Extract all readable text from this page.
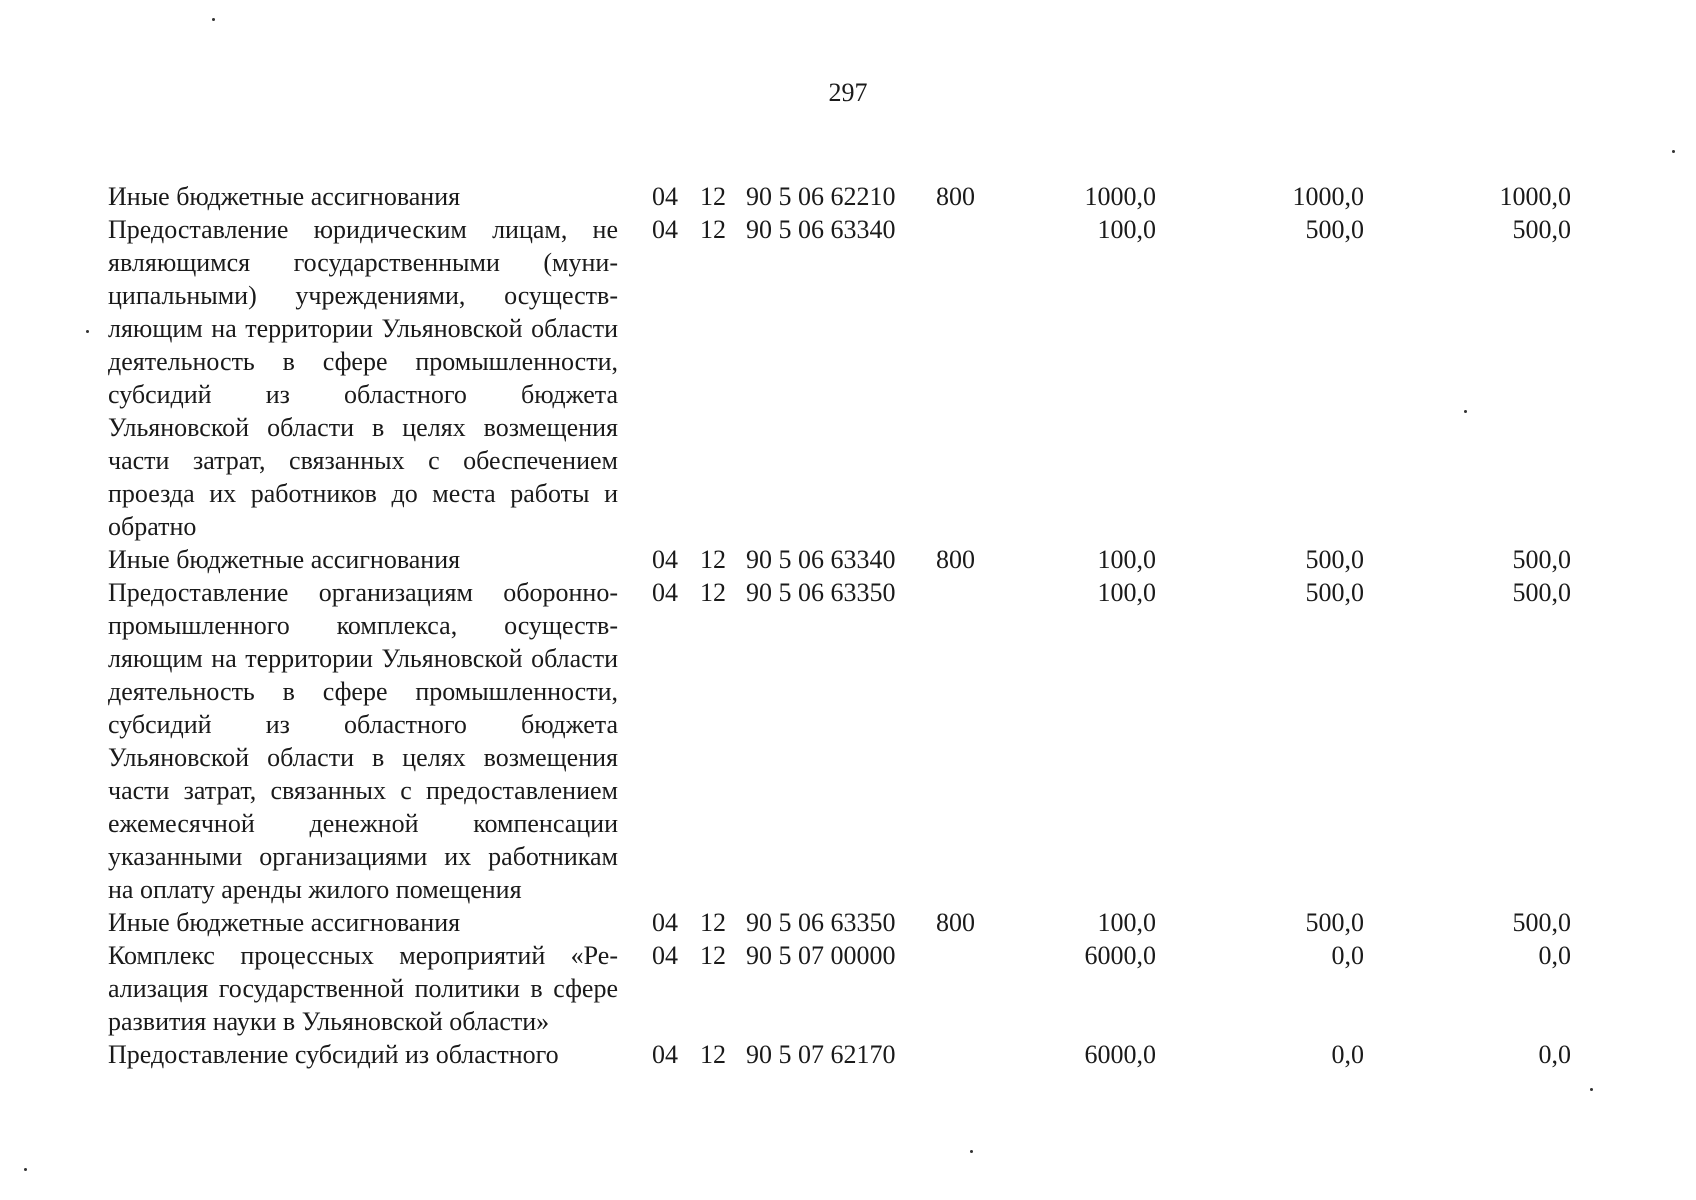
297
Иные бюджетные ассигнования	04	12	90 5 06 62210	800	1000,0	1000,0	1000,0
Предоставление юридическим лицам, не являющимся государственными (муниципальными) учреждениями, осуществляющим на территории Ульяновской области деятельность в сфере промышленности, субсидий из областного бюджета Ульяновской области в целях возмещения части затрат, связанных с обеспечением проезда их работников до места работы и обратно	04	12	90 5 06 63340		100,0	500,0	500,0
Иные бюджетные ассигнования	04	12	90 5 06 63340	800	100,0	500,0	500,0
Предоставление организациям оборонно-промышленного комплекса, осуществляющим на территории Ульяновской области деятельность в сфере промышленности, субсидий из областного бюджета Ульяновской области в целях возмещения части затрат, связанных с предоставлением ежемесячной денежной компенсации указанными организациями их работникам на оплату аренды жилого помещения	04	12	90 5 06 63350		100,0	500,0	500,0
Иные бюджетные ассигнования	04	12	90 5 06 63350	800	100,0	500,0	500,0
Комплекс процессных мероприятий «Реализация государственной политики в сфере развития науки в Ульяновской области»	04	12	90 5 07 00000		6000,0	0,0	0,0
Предоставление субсидий из областного	04	12	90 5 07 62170		6000,0	0,0	0,0
